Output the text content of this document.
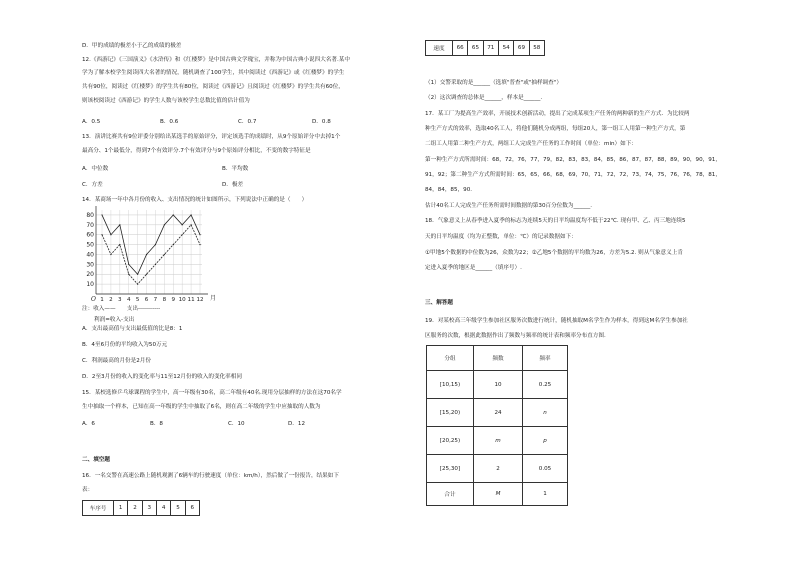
D．甲的成绩的极差小于乙的成绩的极差
12.《西游记》《三国演义》《水浒传》和《红楼梦》是中国古典文学瑰宝，并称为中国古典小说四大名著.某中
学为了解本校学生阅读四大名著的情况，随机调查了100学生，其中阅读过《西游记》或《红楼梦》的学生
共有90位，阅读过《红楼梦》的学生共有80位，阅读过《西游记》且阅读过《红楼梦》的学生共有60位，
则该校阅读过《西游记》的学生人数与该校学生总数比值的估计值为
A．0.5	B．0.6	C．0.7	D．0.8
13．演讲比赛共有9位评委分别给出某选手的原始评分，评定该选手的成绩时，从9个原始评分中去掉1个
最高分、1个最低分，得到7个有效评分.7个有效评分与9个原始评分相比，不变的数字特征是
A．中位数	B．平均数
C．方差	D．极差
14．某商场一年中各月份的收入、支出情况的统计如图所示，下列说法中正确的是（　　）
80
70
60
50
40
30
20
10
1 2 3 4 5 6 7 8 9 10 11 12
O	月
注：收入——　　支出-----------
利润=收入-支出
A．支出最高值与支出最低值的比是8：1
B．4至6月份的平均收入为50万元
C．利润最高的月份是2月份
D．2至3月份的收入的变化率与11至12月份的收入的变化率相同
15．某校选修乒乓球课程的学生中，高一年级有30名，高二年级有40名.现用分层抽样的方法在这70名学
生中抽取一个样本，已知在高一年级的学生中抽取了6名，则在高二年级的学生中应抽取的人数为
A．6	B．8	C．10	D．12
二、填空题
16．一名交警在高速公路上随机观测了6辆车的行驶速度（单位：km/h），然后做了一份报告，结果如下
表：
车序号	1	2	3	4	5	6
速度	66	65	71	54	69	58
（1）交警采取的是______（选填"普查"或"抽样调查"）
（2）这次调查的总体是______，样本是______.
17．某工厂为提高生产效率，开展技术创新活动，提出了完成某项生产任务的两种新的生产方式．为比较两
种生产方式的效率，选取40名工人，将他们随机分成两组，每组20人，第一组工人用第一种生产方式，第
二组工人用第二种生产方式，两组工人完成生产任务的工作时间（单位：min）如下：
第一种生产方式所需时间：68，72，76，77，79，82，83，83，84，85，86，87，87，88，89，90，90，91，
91，92；第二种生产方式所需时间：65，65，66，68，69，70，71，72，72，73，74，75，76，76，78，81，
84，84，85，90.
估计40名工人完成生产任务所需时间数据的第30百分位数为______.
18．气象意义上从春季进入夏季的标志为连续5天的日平均温度均不低于22℃. 现有甲、乙、丙三地连续5
天的日平均温度（均为正整数，单位：℃）的记录数据如下：
①甲地5个数据的中位数为26，众数为22；②乙地5个数据的平均数为26，方差为5.2. 则从气象意义上肯
定进入夏季的地区是______（填序号）.
三、解答题
19．对某校高三年级学生参加社区服务次数进行统计，随机抽取M名学生作为样本，得到这M名学生参加社
区服务的次数，根据此数据作出了频数与频率的统计表和频率分布直方图.
分组	频数	频率
[10,15)	10	0.25
[15,20)	24	n
[20,25)	m	p
[25,30]	2	0.05
合计	M	1
